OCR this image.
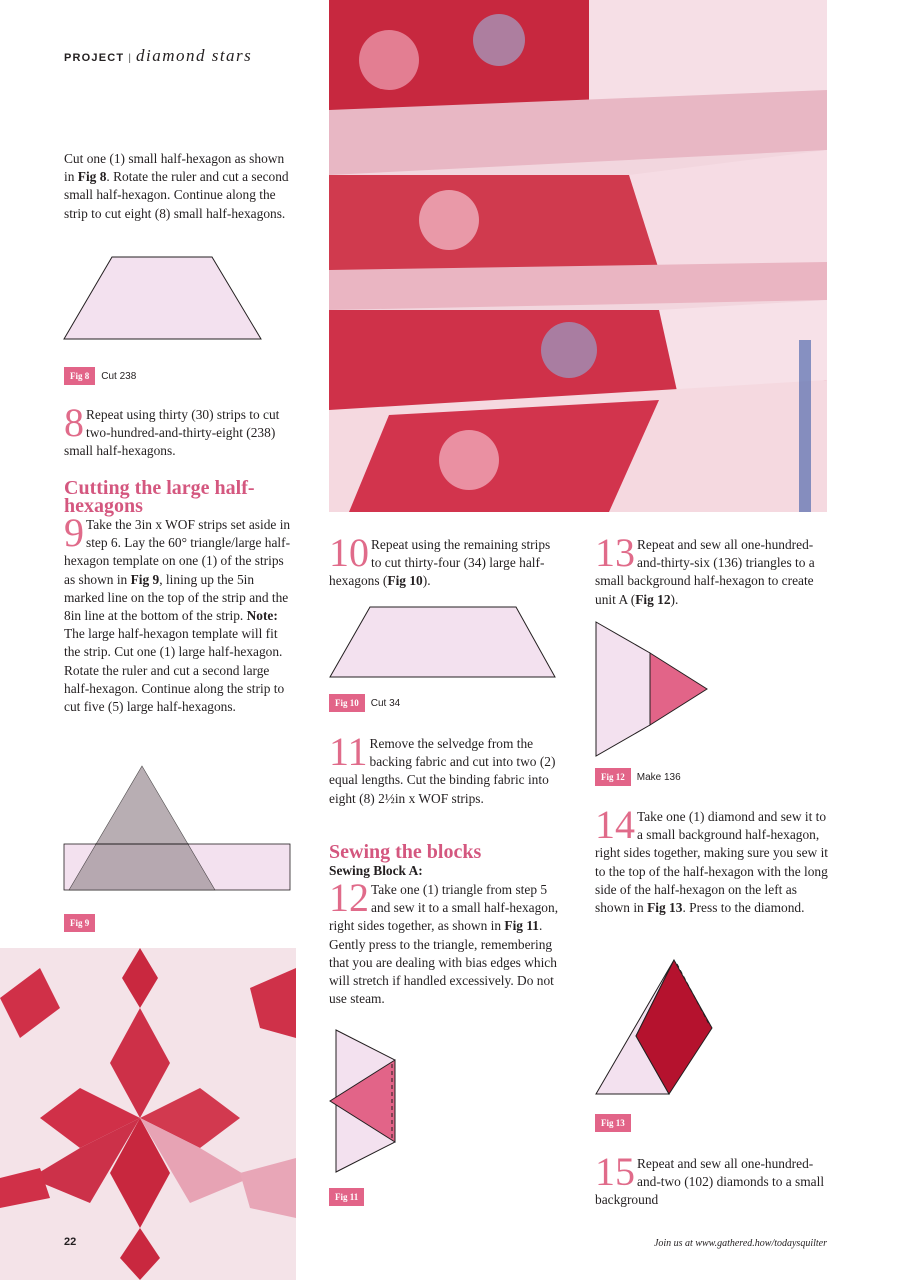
PROJECT | diamond stars
Cut one (1) small half-hexagon as shown in Fig 8. Rotate the ruler and cut a second small half-hexagon. Continue along the strip to cut eight (8) small half-hexagons.
Fig 8 Cut 238
8 Repeat using thirty (30) strips to cut two-hundred-and-thirty-eight (238) small half-hexagons.
Cutting the large half-hexagons
9 Take the 3in x WOF strips set aside in step 6. Lay the 60° triangle/large half-hexagon template on one (1) of the strips as shown in Fig 9, lining up the 5in marked line on the top of the strip and the 8in line at the bottom of the strip. Note: The large half-hexagon template will fit the strip. Cut one (1) large half-hexagon. Rotate the ruler and cut a second large half-hexagon. Continue along the strip to cut five (5) large half-hexagons.
Fig 9
22	Join us at www.gathered.how/todaysquilter
10 Repeat using the remaining strips to cut thirty-four (34) large half-hexagons (Fig 10).
Fig 10 Cut 34
11 Remove the selvedge from the backing fabric and cut into two (2) equal lengths. Cut the binding fabric into eight (8) 2½in x WOF strips.
Sewing the blocks
Sewing Block A:
12 Take one (1) triangle from step 5 and sew it to a small half-hexagon, right sides together, as shown in Fig 11. Gently press to the triangle, remembering that you are dealing with bias edges which will stretch if handled excessively. Do not use steam.
Fig 11
13 Repeat and sew all one-hundred-and-thirty-six (136) triangles to a small background half-hexagon to create unit A (Fig 12).
Fig 12 Make 136
14 Take one (1) diamond and sew it to a small background half-hexagon, right sides together, making sure you sew it to the top of the half-hexagon with the long side of the half-hexagon on the left as shown in Fig 13. Press to the diamond.
Fig 13
15 Repeat and sew all one-hundred-and-two (102) diamonds to a small background
